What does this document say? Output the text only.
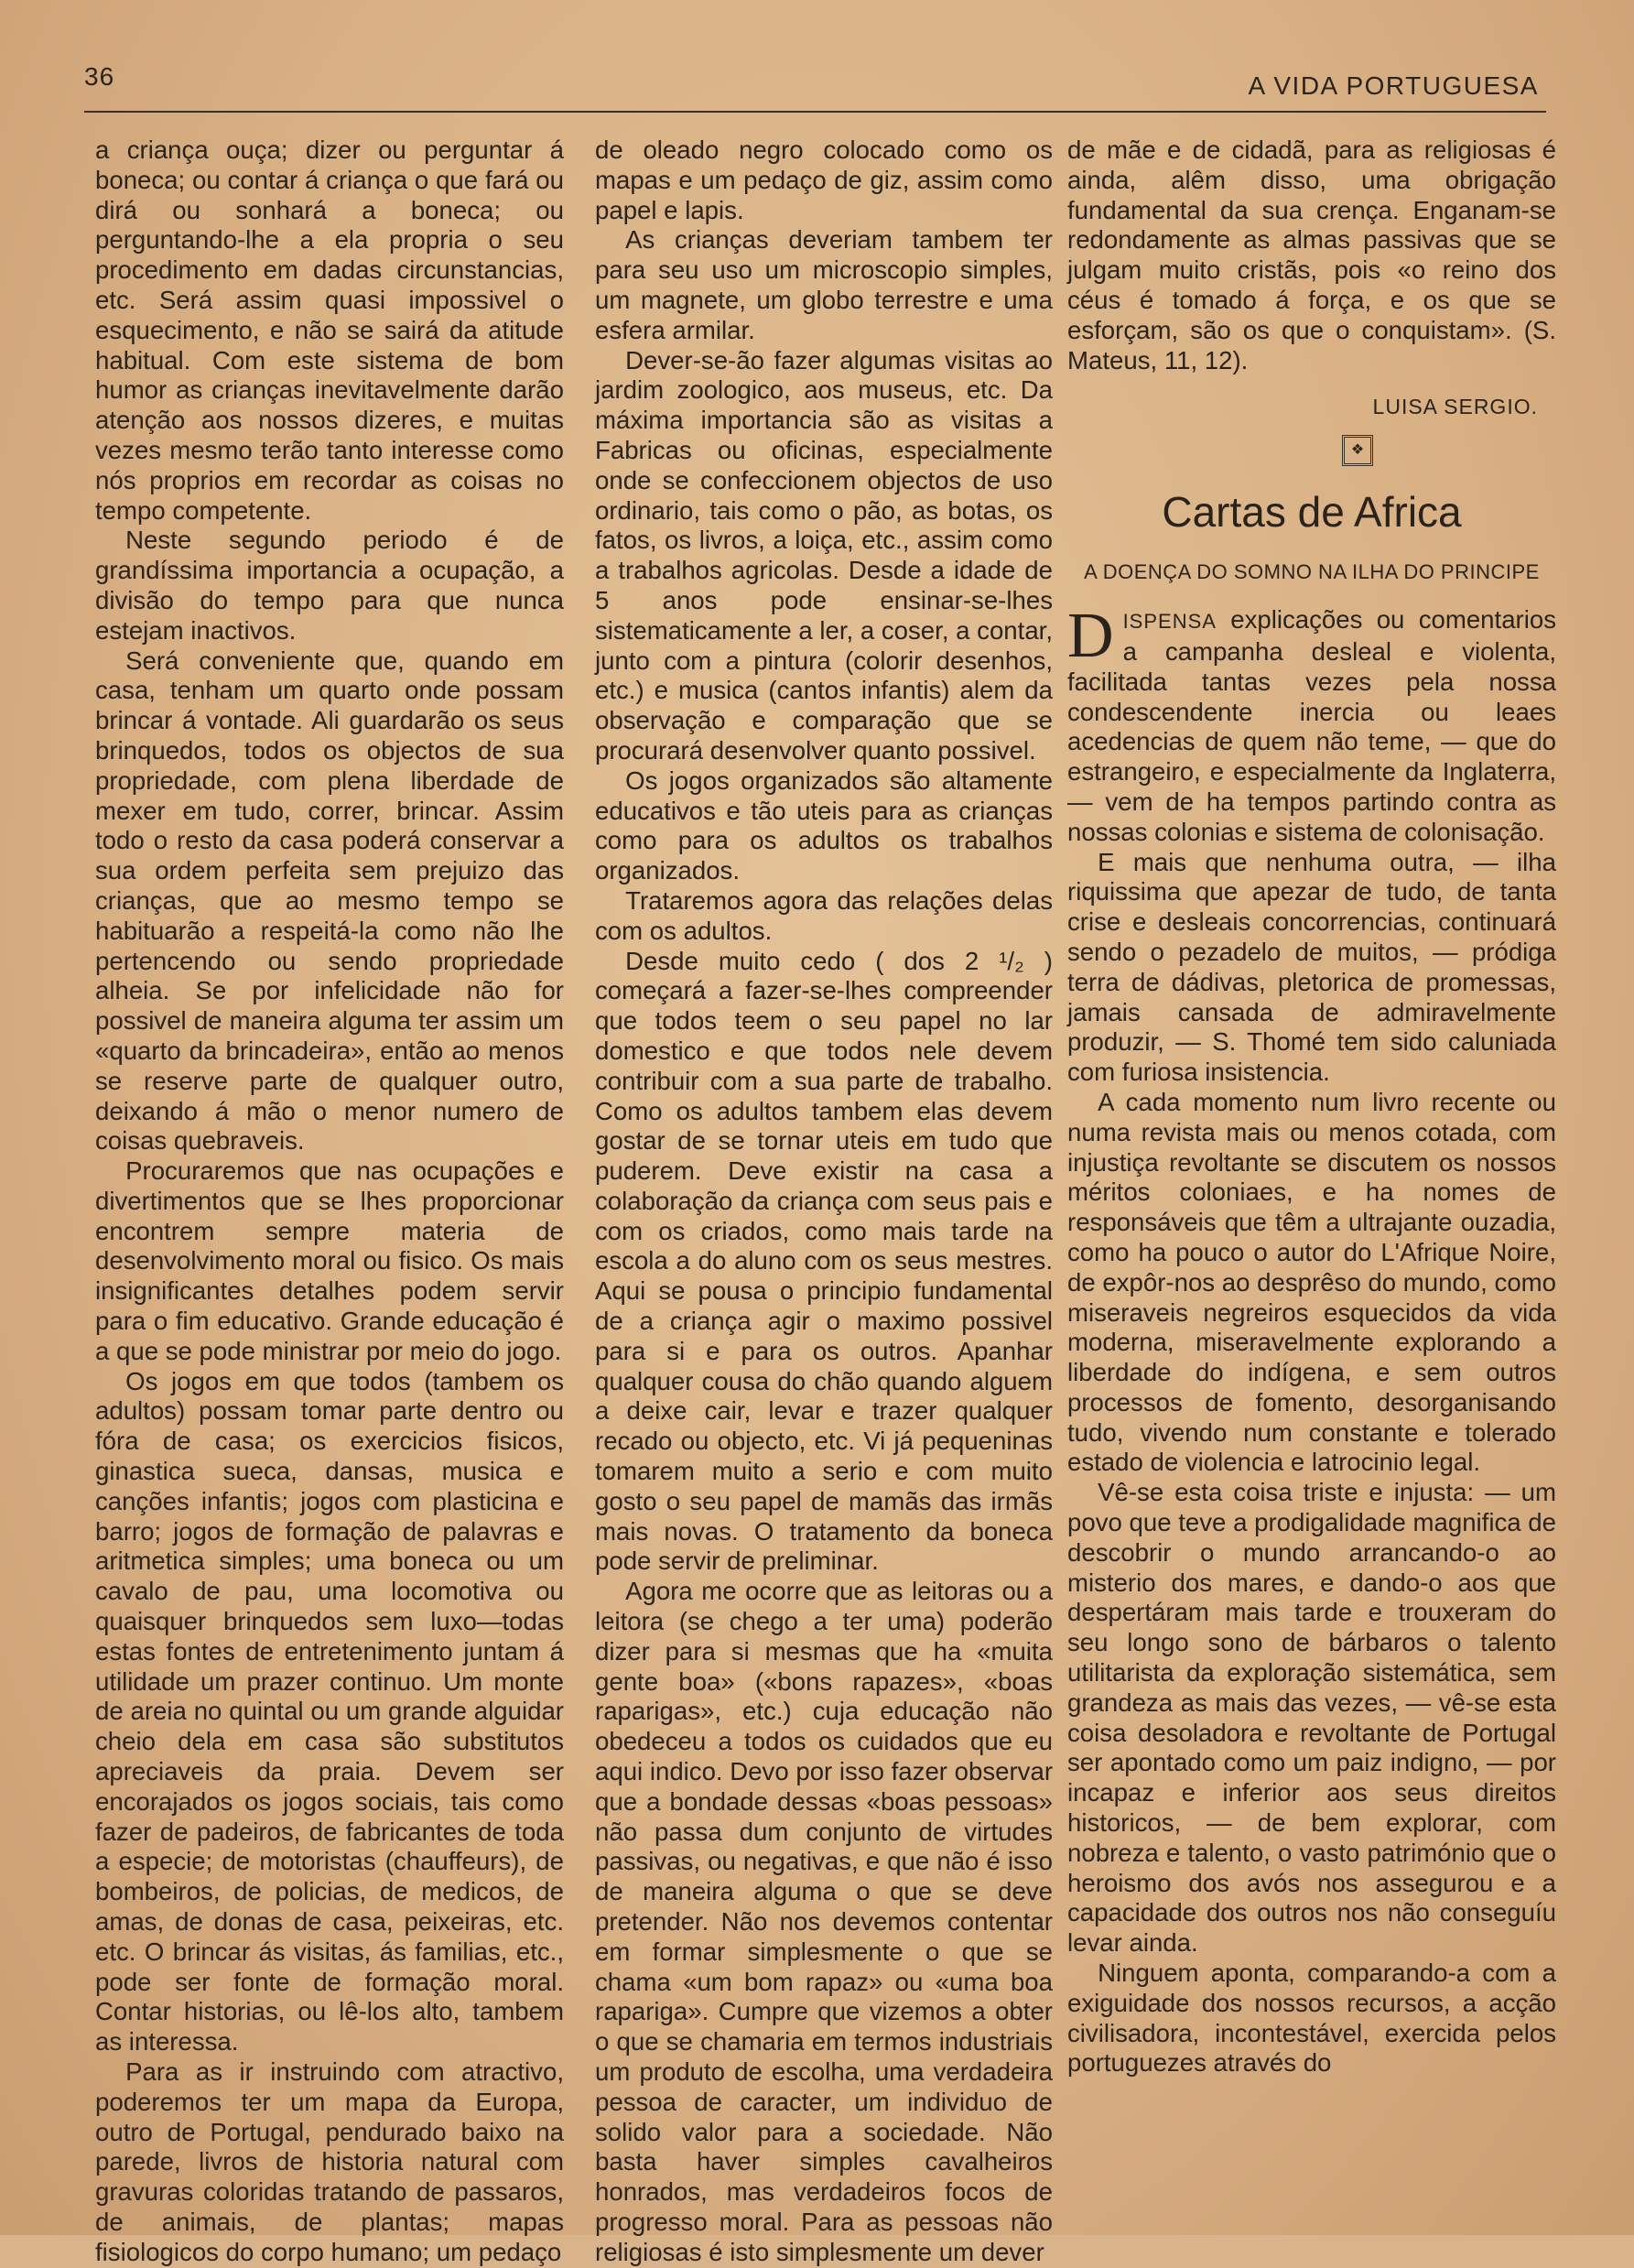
36	A VIDA PORTUGUESA

a criança ouça; dizer ou perguntar á boneca; ou contar á criança o que fará ou dirá ou sonhará a boneca; ou perguntando-lhe a ela propria o seu procedimento em dadas circunstancias, etc. Será assim quasi impossivel o esquecimento, e não se sairá da atitude habitual. Com este sistema de bom humor as crianças inevitavelmente darão atenção aos nossos dizeres, e muitas vezes mesmo terão tanto interesse como nós proprios em recordar as coisas no tempo competente.

Neste segundo periodo é de grandíssima importancia a ocupação, a divisão do tempo para que nunca estejam inactivos.

Será conveniente que, quando em casa, tenham um quarto onde possam brincar á vontade. Ali guardarão os seus brinquedos, todos os objectos de sua propriedade, com plena liberdade de mexer em tudo, correr, brincar. Assim todo o resto da casa poderá conservar a sua ordem perfeita sem prejuizo das crianças, que ao mesmo tempo se habituarão a respeitá-la como não lhe pertencendo ou sendo propriedade alheia. Se por infelicidade não for possivel de maneira alguma ter assim um «quarto da brincadeira», então ao menos se reserve parte de qualquer outro, deixando á mão o menor numero de coisas quebraveis.

Procuraremos que nas ocupações e divertimentos que se lhes proporcionar encontrem sempre materia de desenvolvimento moral ou fisico. Os mais insignificantes detalhes podem servir para o fim educativo. Grande educação é a que se pode ministrar por meio do jogo.

Os jogos em que todos (tambem os adultos) possam tomar parte dentro ou fóra de casa; os exercicios fisicos, ginastica sueca, dansas, musica e canções infantis; jogos com plasticina e barro; jogos de formação de palavras e aritmetica simples; uma boneca ou um cavalo de pau, uma locomotiva ou quaisquer brinquedos sem luxo—todas estas fontes de entretenimento juntam á utilidade um prazer continuo. Um monte de areia no quintal ou um grande alguidar cheio dela em casa são substitutos apreciaveis da praia. Devem ser encorajados os jogos sociais, tais como fazer de padeiros, de fabricantes de toda a especie; de motoristas (chauffeurs), de bombeiros, de policias, de medicos, de amas, de donas de casa, peixeiras, etc. etc. O brincar ás visitas, ás familias, etc., pode ser fonte de formação moral. Contar historias, ou lê-los alto, tambem as interessa.

Para as ir instruindo com atractivo, poderemos ter um mapa da Europa, outro de Portugal, pendurado baixo na parede, livros de historia natural com gravuras coloridas tratando de passaros, de animais, de plantas; mapas fisiologicos do corpo humano; um pedaço

de oleado negro colocado como os mapas e um pedaço de giz, assim como papel e lapis.

As crianças deveriam tambem ter para seu uso um microscopio simples, um magnete, um globo terrestre e uma esfera armilar.

Dever-se-ão fazer algumas visitas ao jardim zoologico, aos museus, etc. Da máxima importancia são as visitas a Fabricas ou oficinas, especialmente onde se confeccionem objectos de uso ordinario, tais como o pão, as botas, os fatos, os livros, a loiça, etc., assim como a trabalhos agricolas. Desde a idade de 5 anos pode ensinar-se-lhes sistematicamente a ler, a coser, a contar, junto com a pintura (colorir desenhos, etc.) e musica (cantos infantis) alem da observação e comparação que se procurará desenvolver quanto possivel.

Os jogos organizados são altamente educativos e tão uteis para as crianças como para os adultos os trabalhos organizados.

Trataremos agora das relações delas com os adultos.

Desde muito cedo ( dos 2 ¹/₂ ) começará a fazer-se-lhes compreender que todos teem o seu papel no lar domestico e que todos nele devem contribuir com a sua parte de trabalho. Como os adultos tambem elas devem gostar de se tornar uteis em tudo que puderem. Deve existir na casa a colaboração da criança com seus pais e com os criados, como mais tarde na escola a do aluno com os seus mestres. Aqui se pousa o principio fundamental de a criança agir o maximo possivel para si e para os outros. Apanhar qualquer cousa do chão quando alguem a deixe cair, levar e trazer qualquer recado ou objecto, etc. Vi já pequeninas tomarem muito a serio e com muito gosto o seu papel de mamãs das irmãs mais novas. O tratamento da boneca pode servir de preliminar.

Agora me ocorre que as leitoras ou a leitora (se chego a ter uma) poderão dizer para si mesmas que ha «muita gente boa» («bons rapazes», «boas raparigas», etc.) cuja educação não obedeceu a todos os cuidados que eu aqui indico. Devo por isso fazer observar que a bondade dessas «boas pessoas» não passa dum conjunto de virtudes passivas, ou negativas, e que não é isso de maneira alguma o que se deve pretender. Não nos devemos contentar em formar simplesmente o que se chama «um bom rapaz» ou «uma boa rapariga». Cumpre que vizemos a obter o que se chamaria em termos industriais um produto de escolha, uma verdadeira pessoa de caracter, um individuo de solido valor para a sociedade. Não basta haver simples cavalheiros honrados, mas verdadeiros focos de progresso moral. Para as pessoas não religiosas é isto simplesmente um dever

de mãe e de cidadã, para as religiosas é ainda, alêm disso, uma obrigação fundamental da sua crença. Enganam-se redondamente as almas passivas que se julgam muito cristãs, pois «o reino dos céus é tomado á força, e os que se esforçam, são os que o conquistam». (S. Mateus, 11, 12).

LUISA SERGIO.
❖
Cartas de Africa
A DOENÇA DO SOMNO NA ILHA DO PRINCIPE

DISPENSA explicações ou comentarios a campanha desleal e violenta, facilitada tantas vezes pela nossa condescendente inercia ou leaes acedencias de quem não teme, — que do estrangeiro, e especialmente da Inglaterra, — vem de ha tempos partindo contra as nossas colonias e sistema de colonisação.

E mais que nenhuma outra, — ilha riquissima que apezar de tudo, de tanta crise e desleais concorrencias, continuará sendo o pezadelo de muitos, — pródiga terra de dádivas, pletorica de promessas, jamais cansada de admiravelmente produzir, — S. Thomé tem sido caluniada com furiosa insistencia.

A cada momento num livro recente ou numa revista mais ou menos cotada, com injustiça revoltante se discutem os nossos méritos coloniaes, e ha nomes de responsáveis que têm a ultrajante ouzadia, como ha pouco o autor do L'Afrique Noire, de expôr-nos ao desprêso do mundo, como miseraveis negreiros esquecidos da vida moderna, miseravelmente explorando a liberdade do indígena, e sem outros processos de fomento, desorganisando tudo, vivendo num constante e tolerado estado de violencia e latrocinio legal.

Vê-se esta coisa triste e injusta: — um povo que teve a prodigalidade magnifica de descobrir o mundo arrancando-o ao misterio dos mares, e dando-o aos que despertáram mais tarde e trouxeram do seu longo sono de bárbaros o talento utilitarista da exploração sistemática, sem grandeza as mais das vezes, — vê-se esta coisa desoladora e revoltante de Portugal ser apontado como um paiz indigno, — por incapaz e inferior aos seus direitos historicos, — de bem explorar, com nobreza e talento, o vasto património que o heroismo dos avós nos assegurou e a capacidade dos outros nos não conseguíu levar ainda.

Ninguem aponta, comparando-a com a exiguidade dos nossos recursos, a acção civilisadora, incontestável, exercida pelos portuguezes através do
